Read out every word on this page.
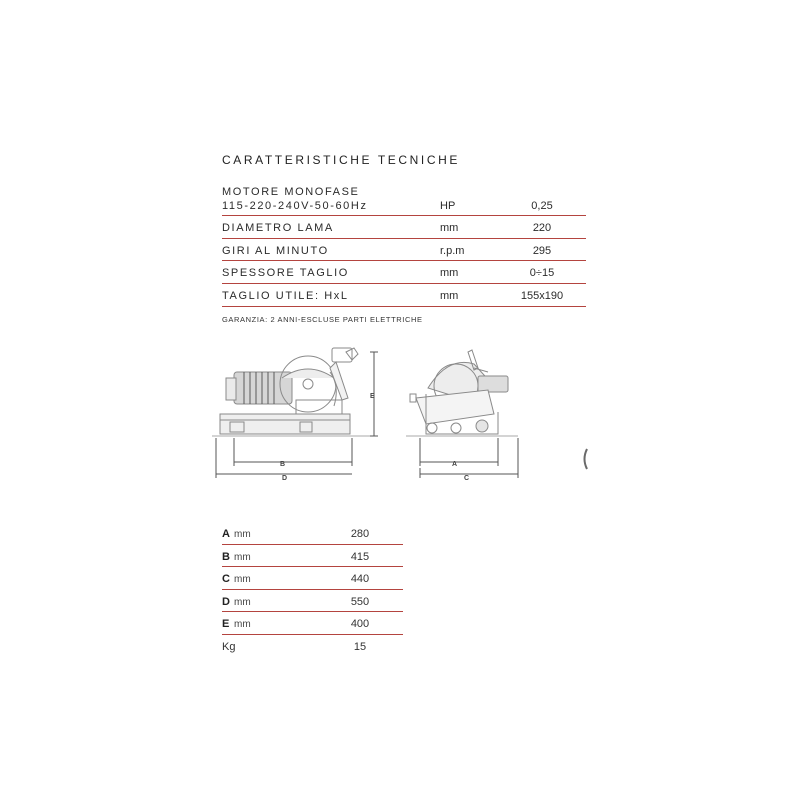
CARATTERISTICHE TECNICHE
MOTORE MONOFASE
115-220-240V-50-60Hz	HP	0,25
DIAMETRO LAMA	mm	220
GIRI AL MINUTO	r.p.m	295
SPESSORE TAGLIO	mm	0÷15
TAGLIO UTILE: HxL	mm	155x190
GARANZIA: 2 ANNI-ESCLUSE PARTI ELETTRICHE
B
D
E
A
C
A mm	280
B mm	415
C mm	440
D mm	550
E mm	400
Kg	15
